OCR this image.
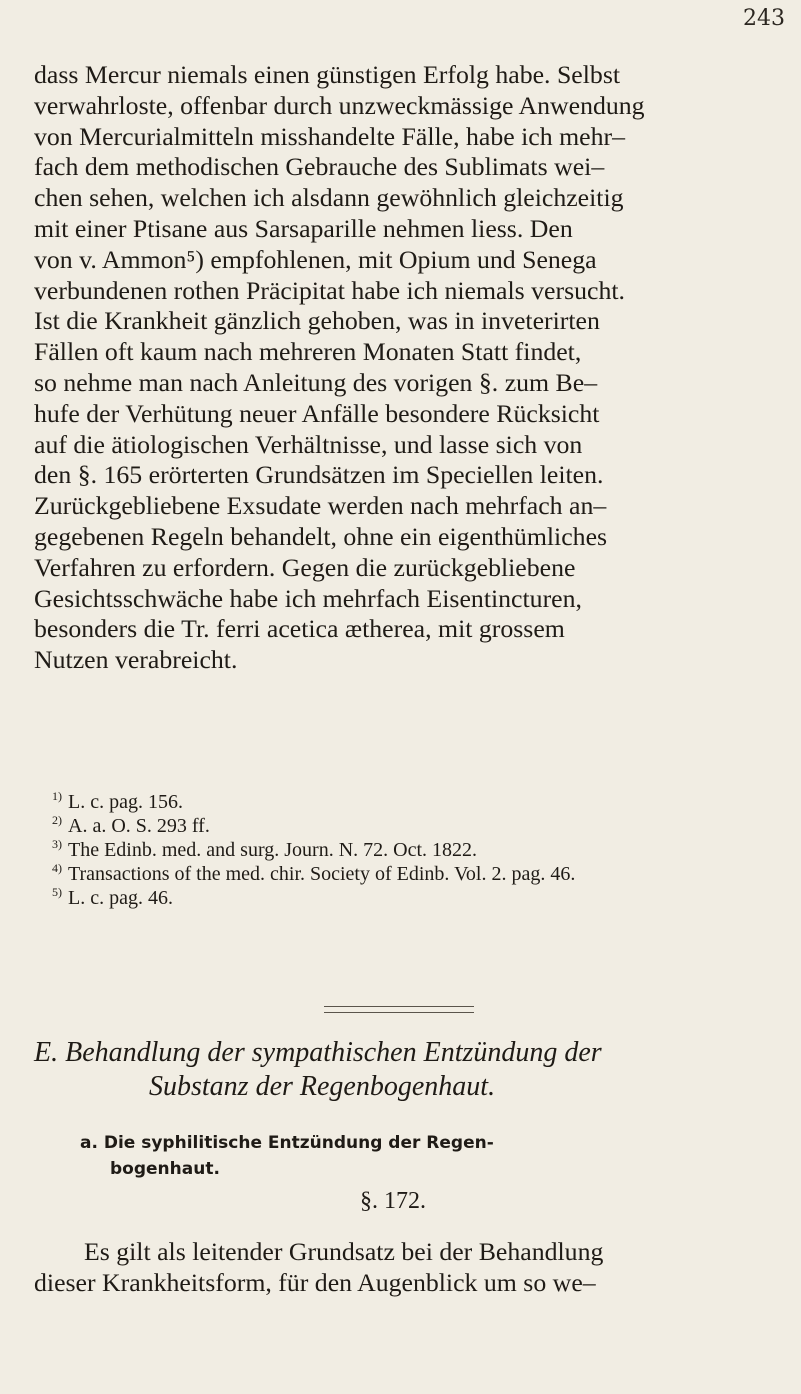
243
dass Mercur niemals einen günstigen Erfolg habe. Selbst
verwahrloste, offenbar durch unzweckmässige Anwendung
von Mercurialmitteln misshandelte Fälle, habe ich mehr–
fach dem methodischen Gebrauche des Sublimats wei–
chen sehen, welchen ich alsdann gewöhnlich gleichzeitig
mit einer Ptisane aus Sarsaparille nehmen liess. Den
von v. Ammon⁵) empfohlenen, mit Opium und Senega
verbundenen rothen Präcipitat habe ich niemals versucht.
Ist die Krankheit gänzlich gehoben, was in inveterirten
Fällen oft kaum nach mehreren Monaten Statt findet,
so nehme man nach Anleitung des vorigen §. zum Be–
hufe der Verhütung neuer Anfälle besondere Rücksicht
auf die ätiologischen Verhältnisse, und lasse sich von
den §. 165 erörterten Grundsätzen im Speciellen leiten.
Zurückgebliebene Exsudate werden nach mehrfach an–
gegebenen Regeln behandelt, ohne ein eigenthümliches
Verfahren zu erfordern. Gegen die zurückgebliebene
Gesichtsschwäche habe ich mehrfach Eisentincturen,
besonders die Tr. ferri acetica ætherea, mit grossem
Nutzen verabreicht.
$^{1)}$ L. c. pag. 156.
$^{2)}$ A. a. O. S. 293 ff.
$^{3)}$ The Edinb. med. and surg. Journ. N. 72. Oct. 1822.
$^{4)}$ Transactions of the med. chir. Society of Edinb. Vol. 2. pag. 46.
$^{5)}$ L. c. pag. 46.
E. Behandlung der sympathischen Entzündung der
Substanz der Regenbogenhaut.
a. Die syphilitische Entzündung der Regen-
bogenhaut.
§. 172.
Es gilt als leitender Grundsatz bei der Behandlung
dieser Krankheitsform, für den Augenblick um so we–
